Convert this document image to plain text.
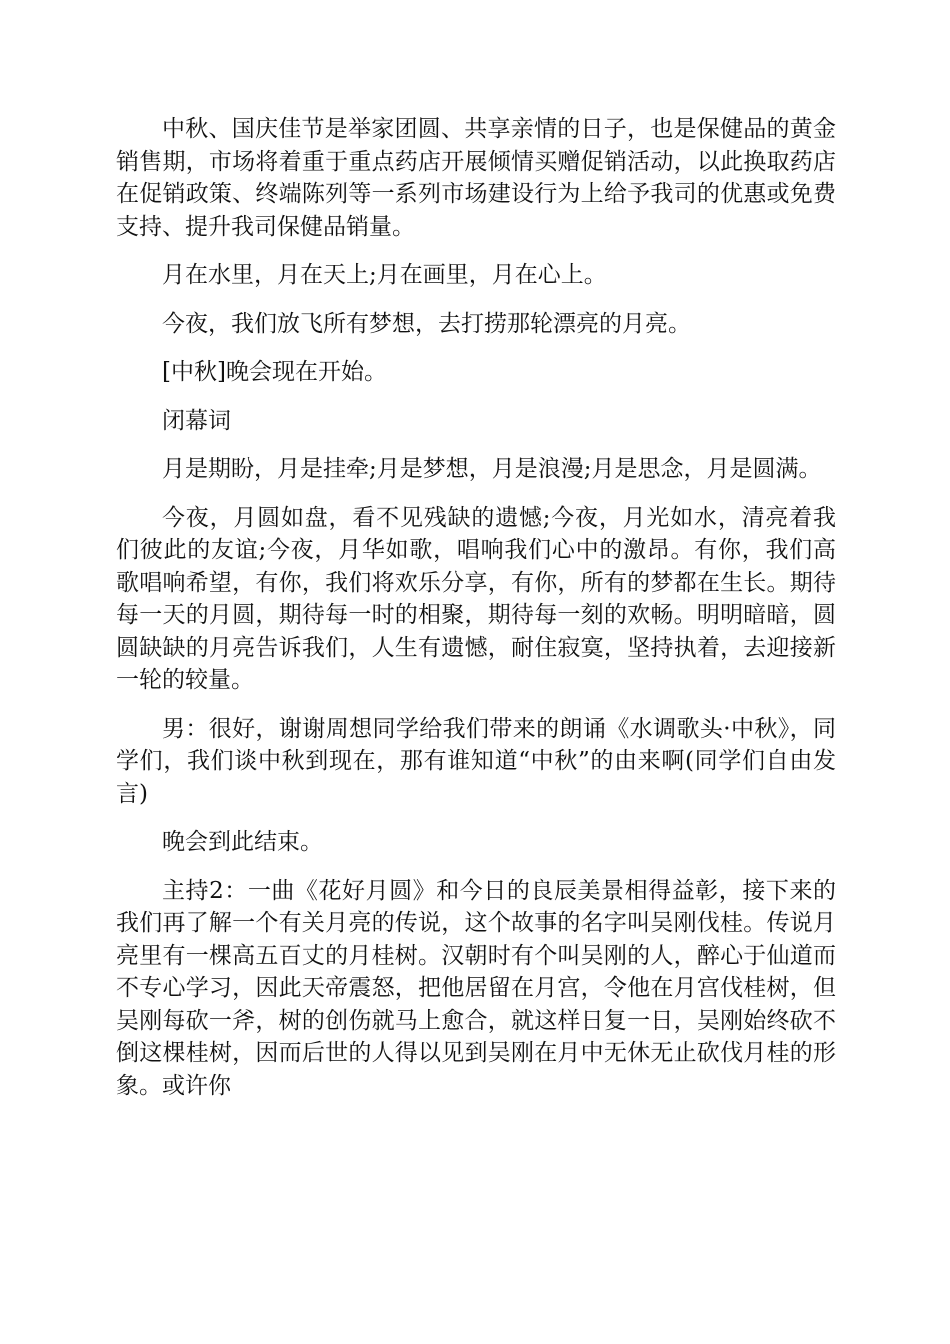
中秋、国庆佳节是举家团圆、共享亲情的日子，也是保健品的黄金销售期，市场将着重于重点药店开展倾情买赠促销活动，以此换取药店在促销政策、终端陈列等一系列市场建设行为上给予我司的优惠或免费支持、提升我司保健品销量。

月在水里，月在天上;月在画里，月在心上。

今夜，我们放飞所有梦想，去打捞那轮漂亮的月亮。

[中秋]晚会现在开始。

闭幕词

月是期盼，月是挂牵;月是梦想，月是浪漫;月是思念，月是圆满。

今夜，月圆如盘，看不见残缺的遗憾;今夜，月光如水，清亮着我们彼此的友谊;今夜，月华如歌，唱响我们心中的激昂。有你，我们高歌唱响希望，有你，我们将欢乐分享，有你，所有的梦都在生长。期待每一天的月圆，期待每一时的相聚，期待每一刻的欢畅。明明暗暗，圆圆缺缺的月亮告诉我们，人生有遗憾，耐住寂寞，坚持执着，去迎接新一轮的较量。

男：很好，谢谢周想同学给我们带来的朗诵《水调歌头·中秋》，同学们，我们谈中秋到现在，那有谁知道“中秋”的由来啊(同学们自由发言)

晚会到此结束。

主持2：一曲《花好月圆》和今日的良辰美景相得益彰，接下来的我们再了解一个有关月亮的传说，这个故事的名字叫吴刚伐桂。传说月亮里有一棵高五百丈的月桂树。汉朝时有个叫吴刚的人，醉心于仙道而不专心学习，因此天帝震怒，把他居留在月宫，令他在月宫伐桂树，但吴刚每砍一斧，树的创伤就马上愈合，就这样日复一日，吴刚始终砍不倒这棵桂树，因而后世的人得以见到吴刚在月中无休无止砍伐月桂的形象。或许你
